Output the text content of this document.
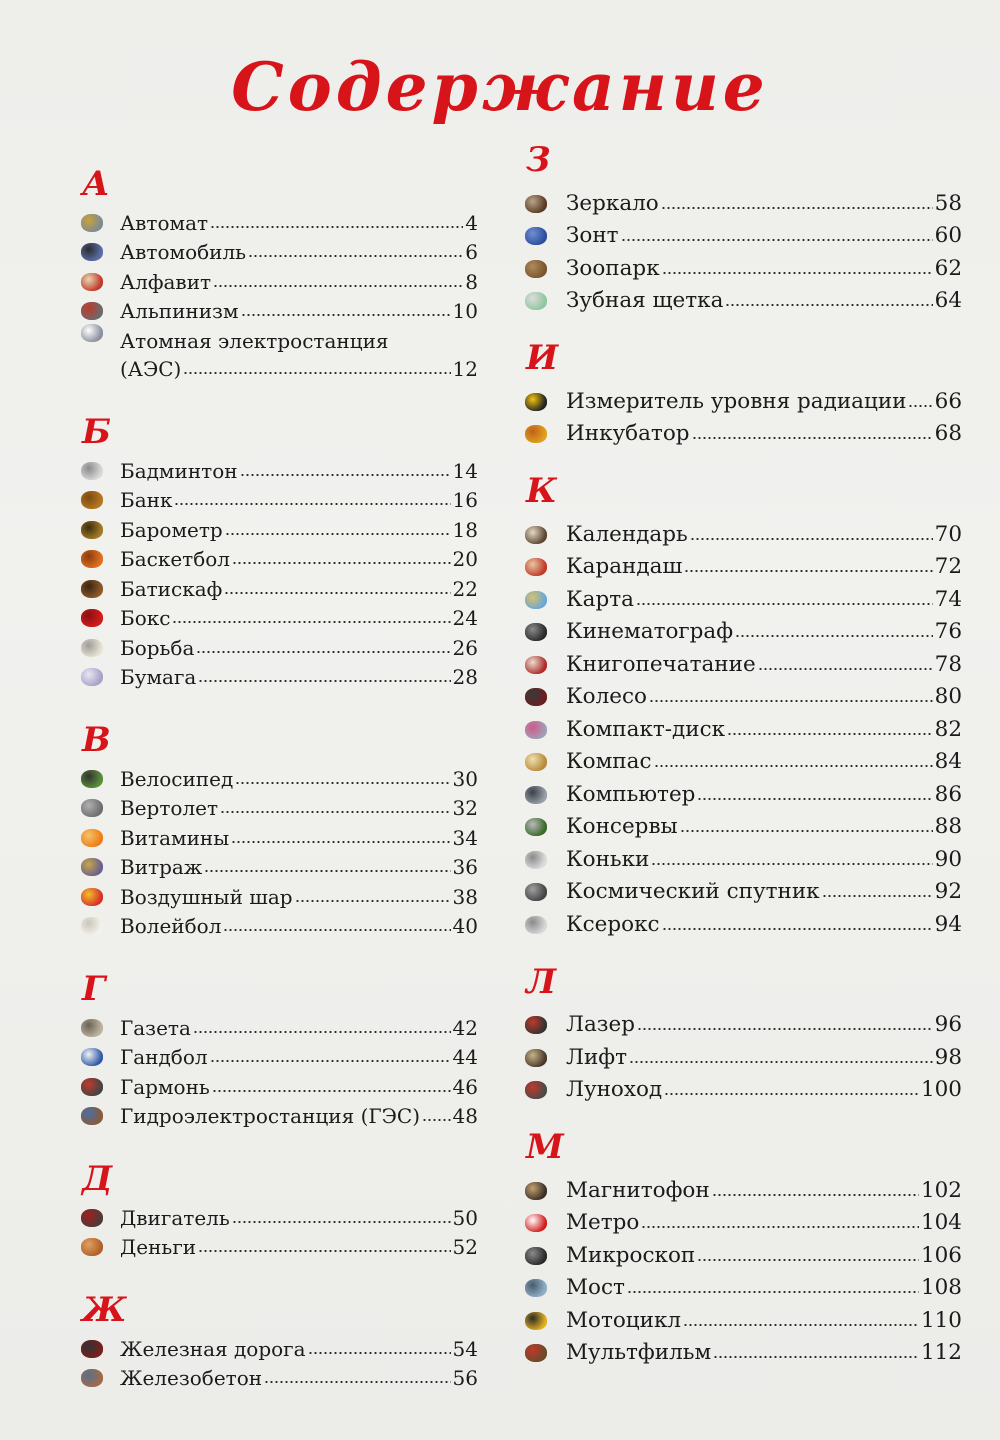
Содержание
А
Автомат	4
Автомобиль	6
Алфавит	8
Альпинизм	10
Атомная электростанция
(АЭС)	12
Б
Бадминтон	14
Банк	16
Барометр	18
Баскетбол	20
Батискаф	22
Бокс	24
Борьба	26
Бумага	28
В
Велосипед	30
Вертолет	32
Витамины	34
Витраж	36
Воздушный шар	38
Волейбол	40
Г
Газета	42
Гандбол	44
Гармонь	46
Гидроэлектростанция (ГЭС) 48
Д
Двигатель	50
Деньги	52
Ж
Железная дорога	54
Железобетон	56
З
Зеркало	58
Зонт	60
Зоопарк	62
Зубная щетка	64
И
Измеритель уровня радиации 66
Инкубатор	68
К
Календарь	70
Карандаш	72
Карта	74
Кинематограф	76
Книгопечатание	78
Колесо	80
Компакт-диск	82
Компас	84
Компьютер	86
Консервы	88
Коньки	90
Космический спутник	92
Ксерокс	94
Л
Лазер	96
Лифт	98
Луноход	100
М
Магнитофон	102
Метро	104
Микроскоп	106
Мост	108
Мотоцикл	110
Мультфильм	112
